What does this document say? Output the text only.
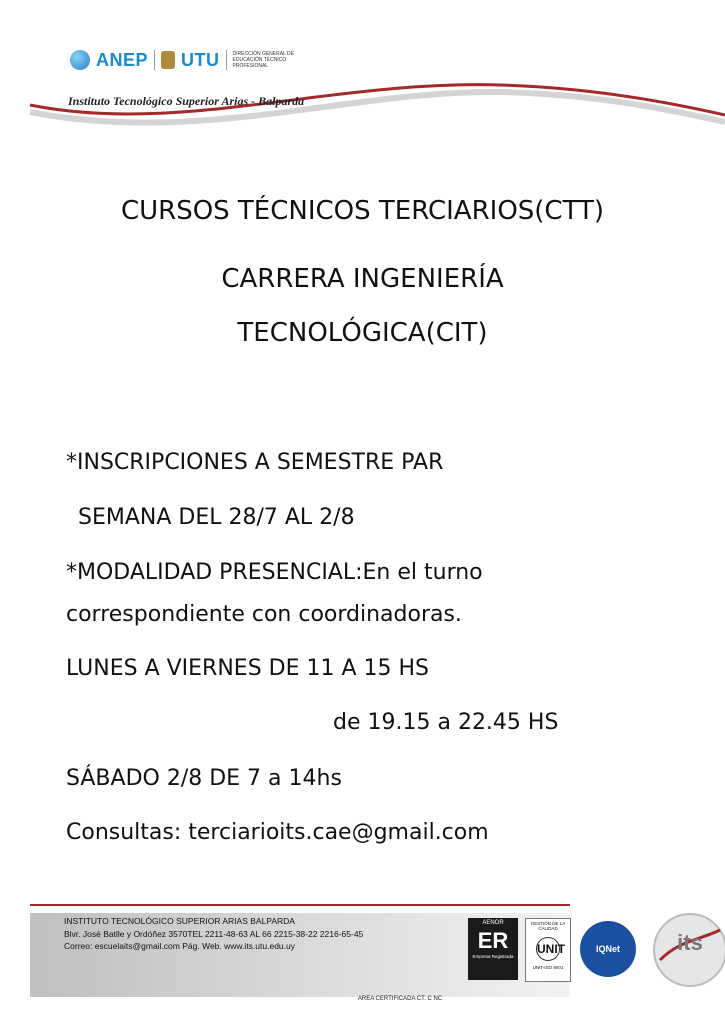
ANEP UTU	DIRECCIÓN GENERAL DE EDUCACIÓN TÉCNICO PROFESIONAL
Instituto Tecnológico Superior Arias - Balparda
CURSOS TÉCNICOS TERCIARIOS(CTT)
CARRERA INGENIERÍA
TECNOLÓGICA(CIT)
*INSCRIPCIONES A SEMESTRE PAR
SEMANA DEL 28/7 AL 2/8
*MODALIDAD PRESENCIAL:En el turno
correspondiente con coordinadoras.
LUNES A VIERNES DE 11 A 15 HS
de 19.15 a 22.45 HS
SÁBADO 2/8 DE 7 a 14hs
Consultas: terciarioits.cae@gmail.com
INSTITUTO TECNOLÓGICO SUPERIOR ARIAS BALPARDA
Blvr. José Batlle y Ordóñez 3570TEL 2211-48-63 AL 66 2215-38-22 2216-65-45
Correo: escuelaits@gmail.com Pág. Web. www.its.utu.edu.uy
AENOR
ER
Empresa Registrada
GESTIÓN DE LA CALIDAD
UNIT
UNIT-ISO 9001
IQNet	its
AREA CERTIFICADA CT. C NC
